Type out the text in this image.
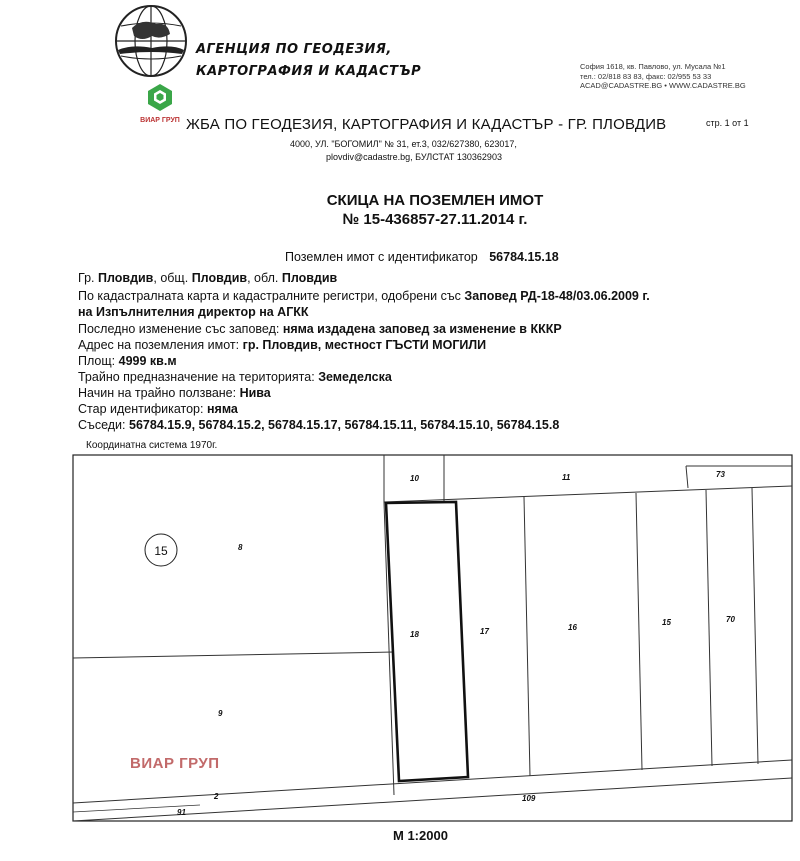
АГЕНЦИЯ ПО ГЕОДЕЗИЯ,
КАРТОГРАФИЯ И КАДАСТЪР	София 1618, кв. Павлово, ул. Мусала №1
тел.: 02/818 83 83, факс: 02/955 53 33
ACAD@CADASTRE.BG • WWW.CADASTRE.BG
ВИАР ГРУП ЖБА ПО ГЕОДЕЗИЯ, КАРТОГРАФИЯ И КАДАСТЪР - ГР. ПЛОВДИВ	стр. 1 от 1
4000, УЛ. "БОГОМИЛ" № 31, ет.3, 032/627380, 623017,
plovdiv@cadastre.bg, БУЛСТАТ 130362903
СКИЦА НА ПОЗЕМЛЕН ИМОТ
№ 15-436857-27.11.2014 г.
Поземлен имот с идентификатор 56784.15.18
Гр. Пловдив, общ. Пловдив, обл. Пловдив
По кадастралната карта и кадастралните регистри, одобрени със Заповед РД-18-48/03.06.2009 г.
на Изпълнителния директор на АГКК
Последно изменение със заповед: няма издадена заповед за изменение в КККР
Адрес на поземления имот: гр. Пловдив, местност ГЪСТИ МОГИЛИ
Площ: 4999 кв.м
Трайно предназначение на територията: Земеделска
Начин на трайно ползване: Нива
Стар идентификатор: няма
Съседи: 56784.15.9, 56784.15.2, 56784.15.17, 56784.15.11, 56784.15.10, 56784.15.8
Координатна система 1970г.
15	8
9
10	11	73
18	17	16
15	70
2	109
91
ВИАР ГРУП
М 1:2000
